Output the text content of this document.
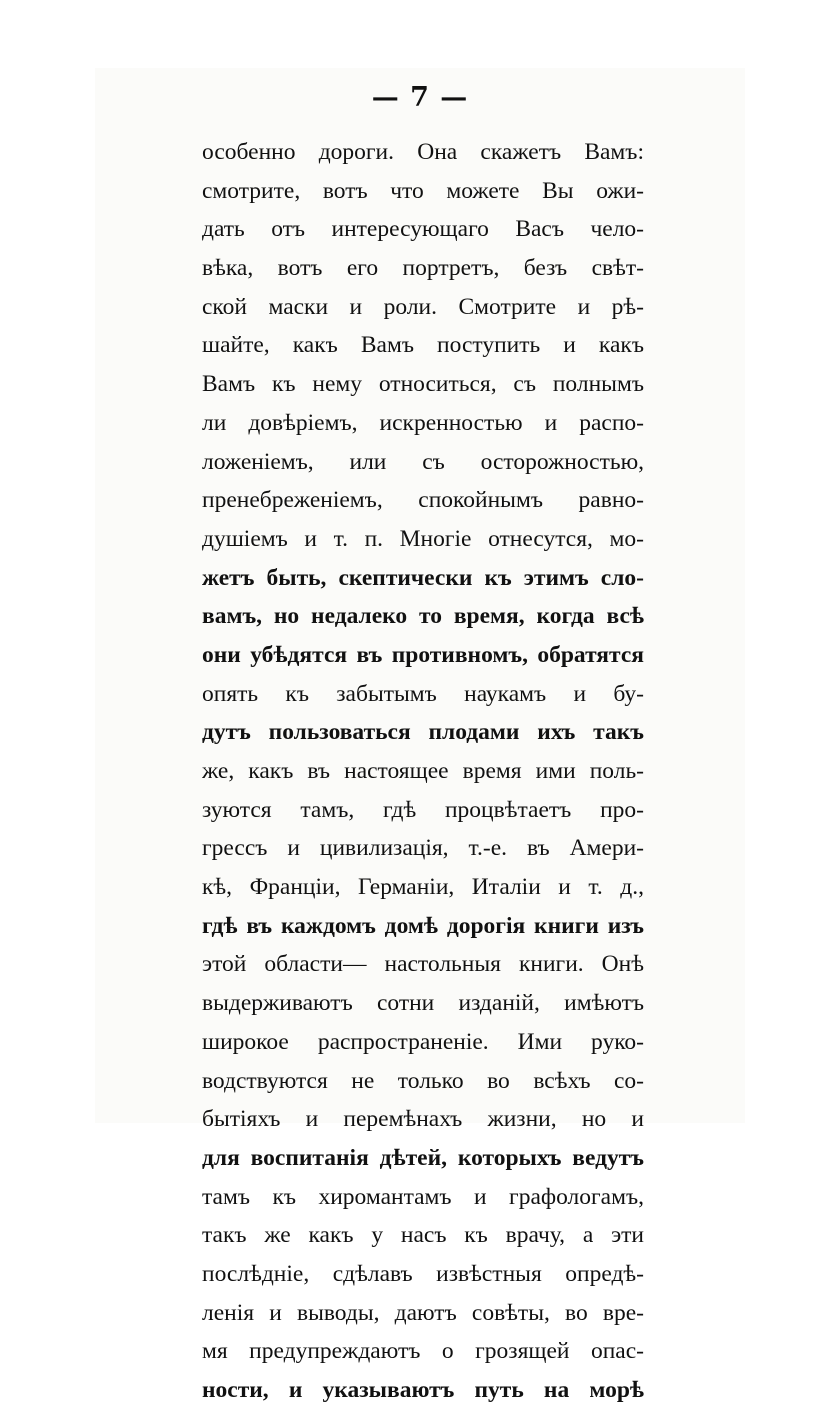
— 7 —
особенно дороги. Она скажетъ Вамъ:
смотрите, вотъ что можете Вы ожи-
дать отъ интересующаго Васъ чело-
вѣка, вотъ его портретъ, безъ свѣт-
ской маски и роли. Смотрите и рѣ-
шайте, какъ Вамъ поступить и какъ
Вамъ къ нему относиться, съ полнымъ
ли довѣріемъ, искренностью и распо-
ложеніемъ, или съ осторожностью,
пренебреженіемъ, спокойнымъ равно-
душіемъ и т. п. Многіе отнесутся, мо-
жетъ быть, скептически къ этимъ сло-
вамъ, но недалеко то время, когда всѣ
они убѣдятся въ противномъ, обратятся
опять къ забытымъ наукамъ и бу-
дутъ пользоваться плодами ихъ такъ
же, какъ въ настоящее время ими поль-
зуются тамъ, гдѣ процвѣтаетъ про-
грессъ и цивилизація, т.-е. въ Амери-
кѣ, Франціи, Германіи, Италіи и т. д.,
гдѣ въ каждомъ домѣ дорогія книги изъ
этой области— настольныя книги. Онѣ
выдерживаютъ сотни изданій, имѣютъ
широкое распространеніе. Ими руко-
водствуются не только во всѣхъ со-
бытіяхъ и перемѣнахъ жизни, но и
для воспитанія дѣтей, которыхъ ведутъ
тамъ къ хиромантамъ и графологамъ,
такъ же какъ у насъ къ врачу, а эти
послѣдніе, сдѣлавъ извѣстныя опредѣ-
ленія и выводы, даютъ совѣты, во вре-
мя предупреждаютъ о грозящей опас-
ности, и указываютъ путь на морѣ
